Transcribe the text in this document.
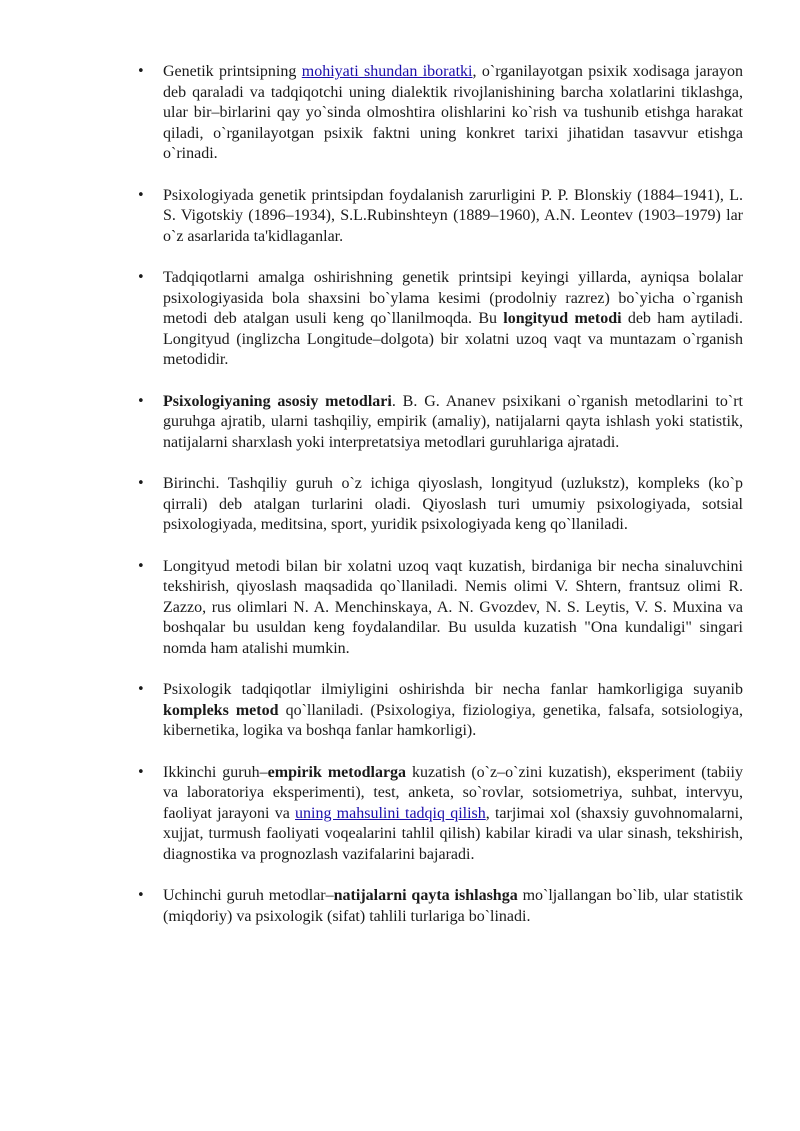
• Genetik printsipning mohiyati shundan iboratki, o`rganilayotgan psixik xodisaga jarayon deb qaraladi va tadqiqotchi uning dialektik rivojlanishining barcha xolatlarini tiklashga, ular bir–birlarini qay yo`sinda olmoshtira olishlarini ko`rish va tushunib etishga harakat qiladi, o`rganilayotgan psixik faktni uning konkret tarixi jihatidan tasavvur etishga o`rinadi.
• Psixologiyada genetik printsipdan foydalanish zarurligini P. P. Blonskiy (1884–1941), L. S. Vigotskiy (1896–1934), S.L.Rubinshteyn (1889–1960), A.N. Leontev (1903–1979) lar o`z asarlarida ta'kidlaganlar.
• Tadqiqotlarni amalga oshirishning genetik printsipi keyingi yillarda, ayniqsa bolalar psixologiyasida bola shaxsini bo`ylama kesimi (prodolniy razrez) bo`yicha o`rganish metodi deb atalgan usuli keng qo`llanilmoqda. Bu longityud metodi deb ham aytiladi. Longityud (inglizcha Longitude–dolgota) bir xolatni uzoq vaqt va muntazam o`rganish metodidir.
• Psixologiyaning asosiy metodlari. B. G. Ananev psixikani o`rganish metodlarini to`rt guruhga ajratib, ularni tashqiliy, empirik (amaliy), natijalarni qayta ishlash yoki statistik, natijalarni sharxlash yoki interpretatsiya metodlari guruhlariga ajratadi.
• Birinchi. Tashqiliy guruh o`z ichiga qiyoslash, longityud (uzlukstz), kompleks (ko`p qirrali) deb atalgan turlarini oladi. Qiyoslash turi umumiy psixologiyada, sotsial psixologiyada, meditsina, sport, yuridik psixologiyada keng qo`llaniladi.
• Longityud metodi bilan bir xolatni uzoq vaqt kuzatish, birdaniga bir necha sinaluvchini tekshirish, qiyoslash maqsadida qo`llaniladi. Nemis olimi V. Shtern, frantsuz olimi R. Zazzo, rus olimlari N. A. Menchinskaya, A. N. Gvozdev, N. S. Leytis, V. S. Muxina va boshqalar bu usuldan keng foydalandilar. Bu usulda kuzatish "Ona kundaligi" singari nomda ham atalishi mumkin.
• Psixologik tadqiqotlar ilmiyligini oshirishda bir necha fanlar hamkorligiga suyanib kompleks metod qo`llaniladi. (Psixologiya, fiziologiya, genetika, falsafa, sotsiologiya, kibernetika, logika va boshqa fanlar hamkorligi).
• Ikkinchi guruh–empirik metodlarga kuzatish (o`z–o`zini kuzatish), eksperiment (tabiiy va laboratoriya eksperimenti), test, anketa, so`rovlar, sotsiometriya, suhbat, intervyu, faoliyat jarayoni va uning mahsulini tadqiq qilish, tarjimai xol (shaxsiy guvohnomalarni, xujjat, turmush faoliyati voqealarini tahlil qilish) kabilar kiradi va ular sinash, tekshirish, diagnostika va prognozlash vazifalarini bajaradi.
• Uchinchi guruh metodlar–natijalarni qayta ishlashga mo`ljallangan bo`lib, ular statistik (miqdoriy) va psixologik (sifat) tahlili turlariga bo`linadi.
